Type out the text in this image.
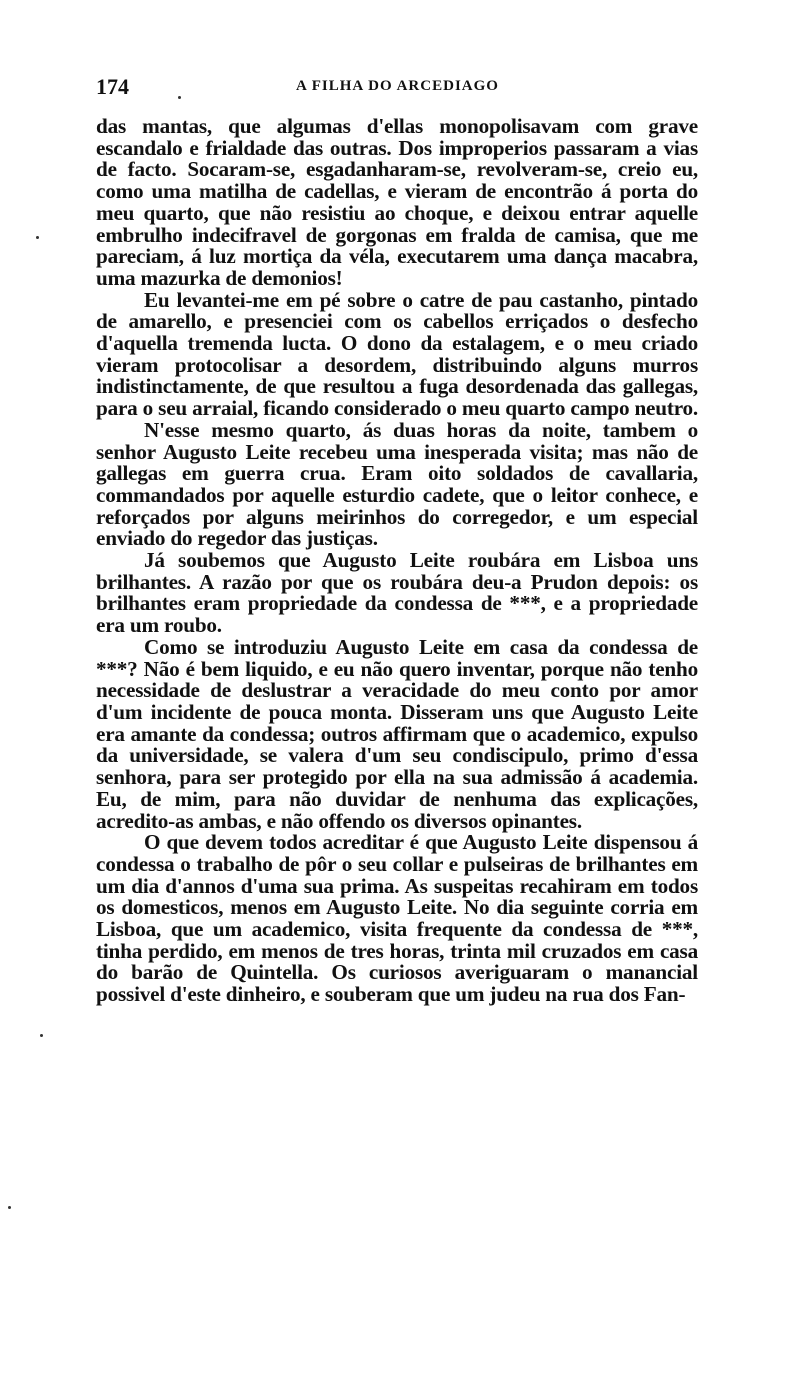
174	A FILHA DO ARCEDIAGO

das mantas, que algumas d'ellas monopolisavam com grave escandalo e frialdade das outras. Dos improperios passaram a vias de facto. Socaram-se, esgadanharam-se, revolveram-se, creio eu, como uma matilha de cadellas, e vieram de encontrão á porta do meu quarto, que não resistiu ao choque, e deixou entrar aquelle embrulho indecifravel de gorgonas em fralda de camisa, que me pareciam, á luz mortiça da véla, executarem uma dança macabra, uma mazurka de demonios!

Eu levantei-me em pé sobre o catre de pau castanho, pintado de amarello, e presenciei com os cabellos erriçados o desfecho d'aquella tremenda lucta. O dono da estalagem, e o meu criado vieram protocolisar a desordem, distribuindo alguns murros indistinctamente, de que resultou a fuga desordenada das gallegas, para o seu arraial, ficando considerado o meu quarto campo neutro.

N'esse mesmo quarto, ás duas horas da noite, tambem o senhor Augusto Leite recebeu uma inesperada visita; mas não de gallegas em guerra crua. Eram oito soldados de cavallaria, commandados por aquelle esturdio cadete, que o leitor conhece, e reforçados por alguns meirinhos do corregedor, e um especial enviado do regedor das justiças.

Já soubemos que Augusto Leite roubára em Lisboa uns brilhantes. A razão por que os roubára deu-a Prudon depois: os brilhantes eram propriedade da condessa de ***, e a propriedade era um roubo.

Como se introduziu Augusto Leite em casa da condessa de ***? Não é bem liquido, e eu não quero inventar, porque não tenho necessidade de deslustrar a veracidade do meu conto por amor d'um incidente de pouca monta. Disseram uns que Augusto Leite era amante da condessa; outros affirmam que o academico, expulso da universidade, se valera d'um seu condiscipulo, primo d'essa senhora, para ser protegido por ella na sua admissão á academia. Eu, de mim, para não duvidar de nenhuma das explicações, acredito-as ambas, e não offendo os diversos opinantes.

O que devem todos acreditar é que Augusto Leite dispensou á condessa o trabalho de pôr o seu collar e pulseiras de brilhantes em um dia d'annos d'uma sua prima. As suspeitas recahiram em todos os domesticos, menos em Augusto Leite. No dia seguinte corria em Lisboa, que um academico, visita frequente da condessa de ***, tinha perdido, em menos de tres horas, trinta mil cruzados em casa do barão de Quintella. Os curiosos averiguaram o manancial possivel d'este dinheiro, e souberam que um judeu na rua dos Fan-
